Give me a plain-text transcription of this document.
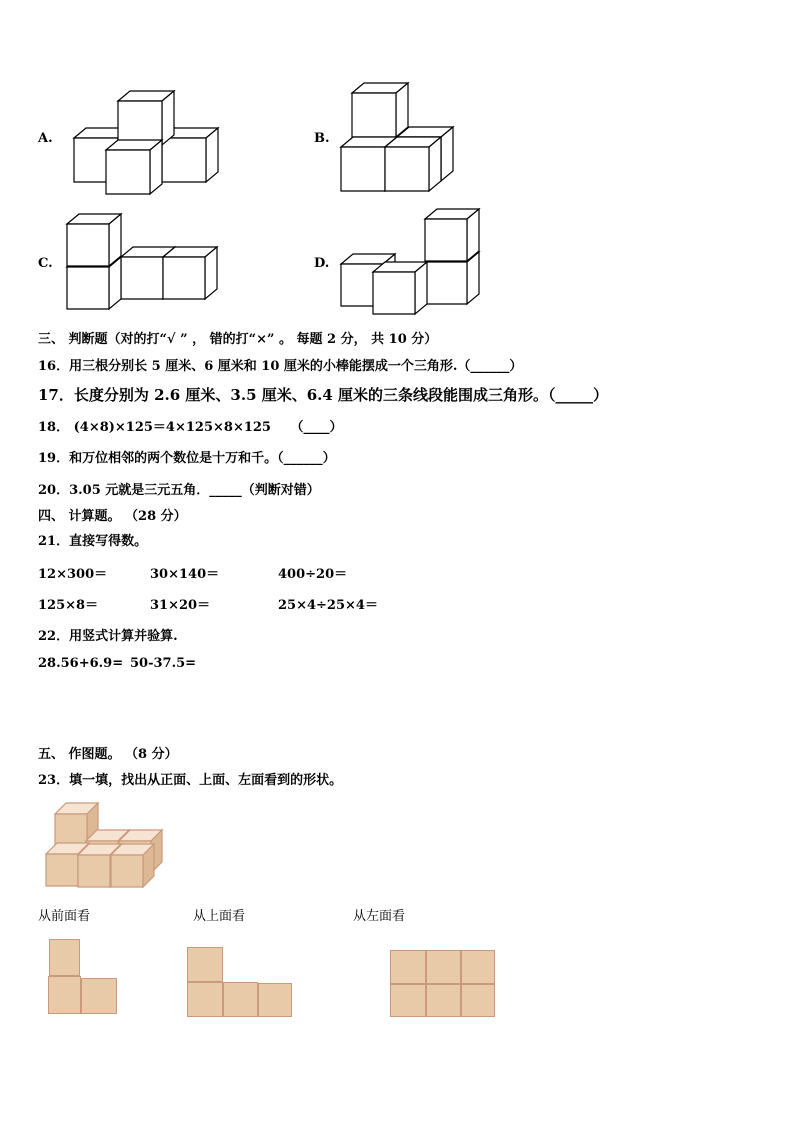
A.	B.
C.	D.
三、 判断题（对的打“√ ” ， 错的打“×” 。 每题 2 分， 共 10 分）
16．用三根分别长 5 厘米、6 厘米和 10 厘米的小棒能摆成一个三角形.（______）
17．长度分别为 2.6 厘米、3.5 厘米、6.4 厘米的三条线段能围成三角形。（_____）
18． (4×8)×125＝4×125×8×125　　（____）
19．和万位相邻的两个数位是十万和千。（______）
20．3.05 元就是三元五角．_____（判断对错）
四、 计算题。 （28 分）
21．直接写得数。
12×300＝	30×140＝	400÷20＝
125×8＝	31×20＝	25×4÷25×4＝
22．用竖式计算并验算.
28.56+6.9= 50-37.5=
五、 作图题。 （8 分）
23．填一填，找出从正面、上面、左面看到的形状。
从前面看	从上面看	从左面看
